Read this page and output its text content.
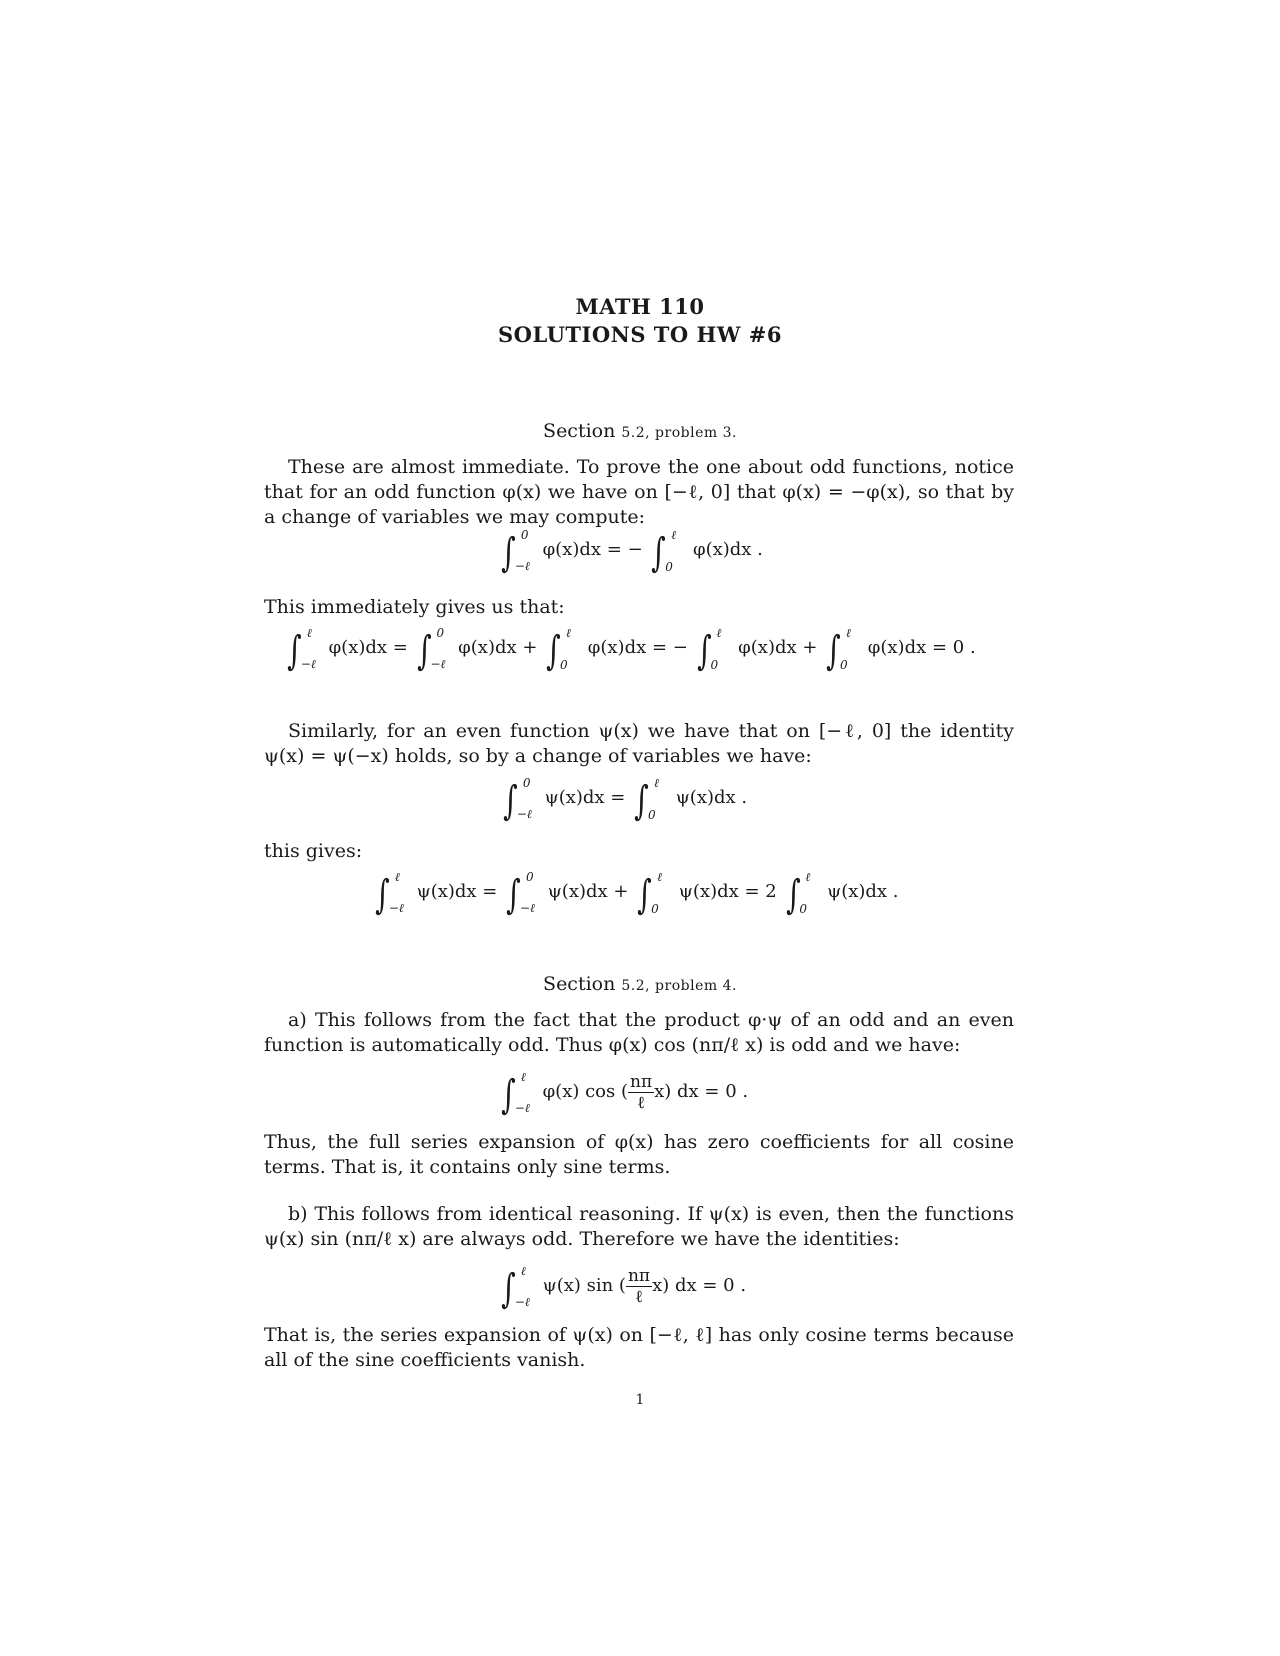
MATH 110
SOLUTIONS TO HW #6
Section 5.2, problem 3.
These are almost immediate. To prove the one about odd functions, notice that for an odd function φ(x) we have on [−ℓ, 0] that φ(x) = −φ(x), so that by a change of variables we may compute:
∫ 0
−ℓ
φ(x)dx = − ∫ ℓ
0
φ(x)dx .
This immediately gives us that:
∫ ℓ
−ℓ
φ(x)dx = ∫ 0
−ℓ
φ(x)dx + ∫ ℓ
0
φ(x)dx = − ∫ ℓ
0
φ(x)dx + ∫ ℓ
0
φ(x)dx = 0 .
Similarly, for an even function ψ(x) we have that on [−ℓ, 0] the identity ψ(x) = ψ(−x) holds, so by a change of variables we have:
∫ 0
−ℓ
ψ(x)dx = ∫ ℓ
0
ψ(x)dx .
this gives:
∫ ℓ
−ℓ
ψ(x)dx = ∫ 0
−ℓ
ψ(x)dx + ∫ ℓ
0
ψ(x)dx = 2 ∫ ℓ
0
ψ(x)dx .
Section 5.2, problem 4.
a) This follows from the fact that the product φ·ψ of an odd and an even function is automatically odd. Thus φ(x) cos (nπ/ℓ x) is odd and we have:
∫ ℓ
−ℓ
φ(x) cos ( $\frac{n\pi}{\text{ℓ}} x$) dx = 0 .
Thus, the full series expansion of φ(x) has zero coefficients for all cosine terms. That is, it contains only sine terms.
b) This follows from identical reasoning. If ψ(x) is even, then the functions ψ(x) sin (nπ/ℓ x) are always odd. Therefore we have the identities:
∫ ℓ
−ℓ
ψ(x) sin ( $\frac{n\pi}{\text{ℓ}} x$) dx = 0 .
That is, the series expansion of ψ(x) on [−ℓ, ℓ] has only cosine terms because all of the sine coefficients vanish.
1
